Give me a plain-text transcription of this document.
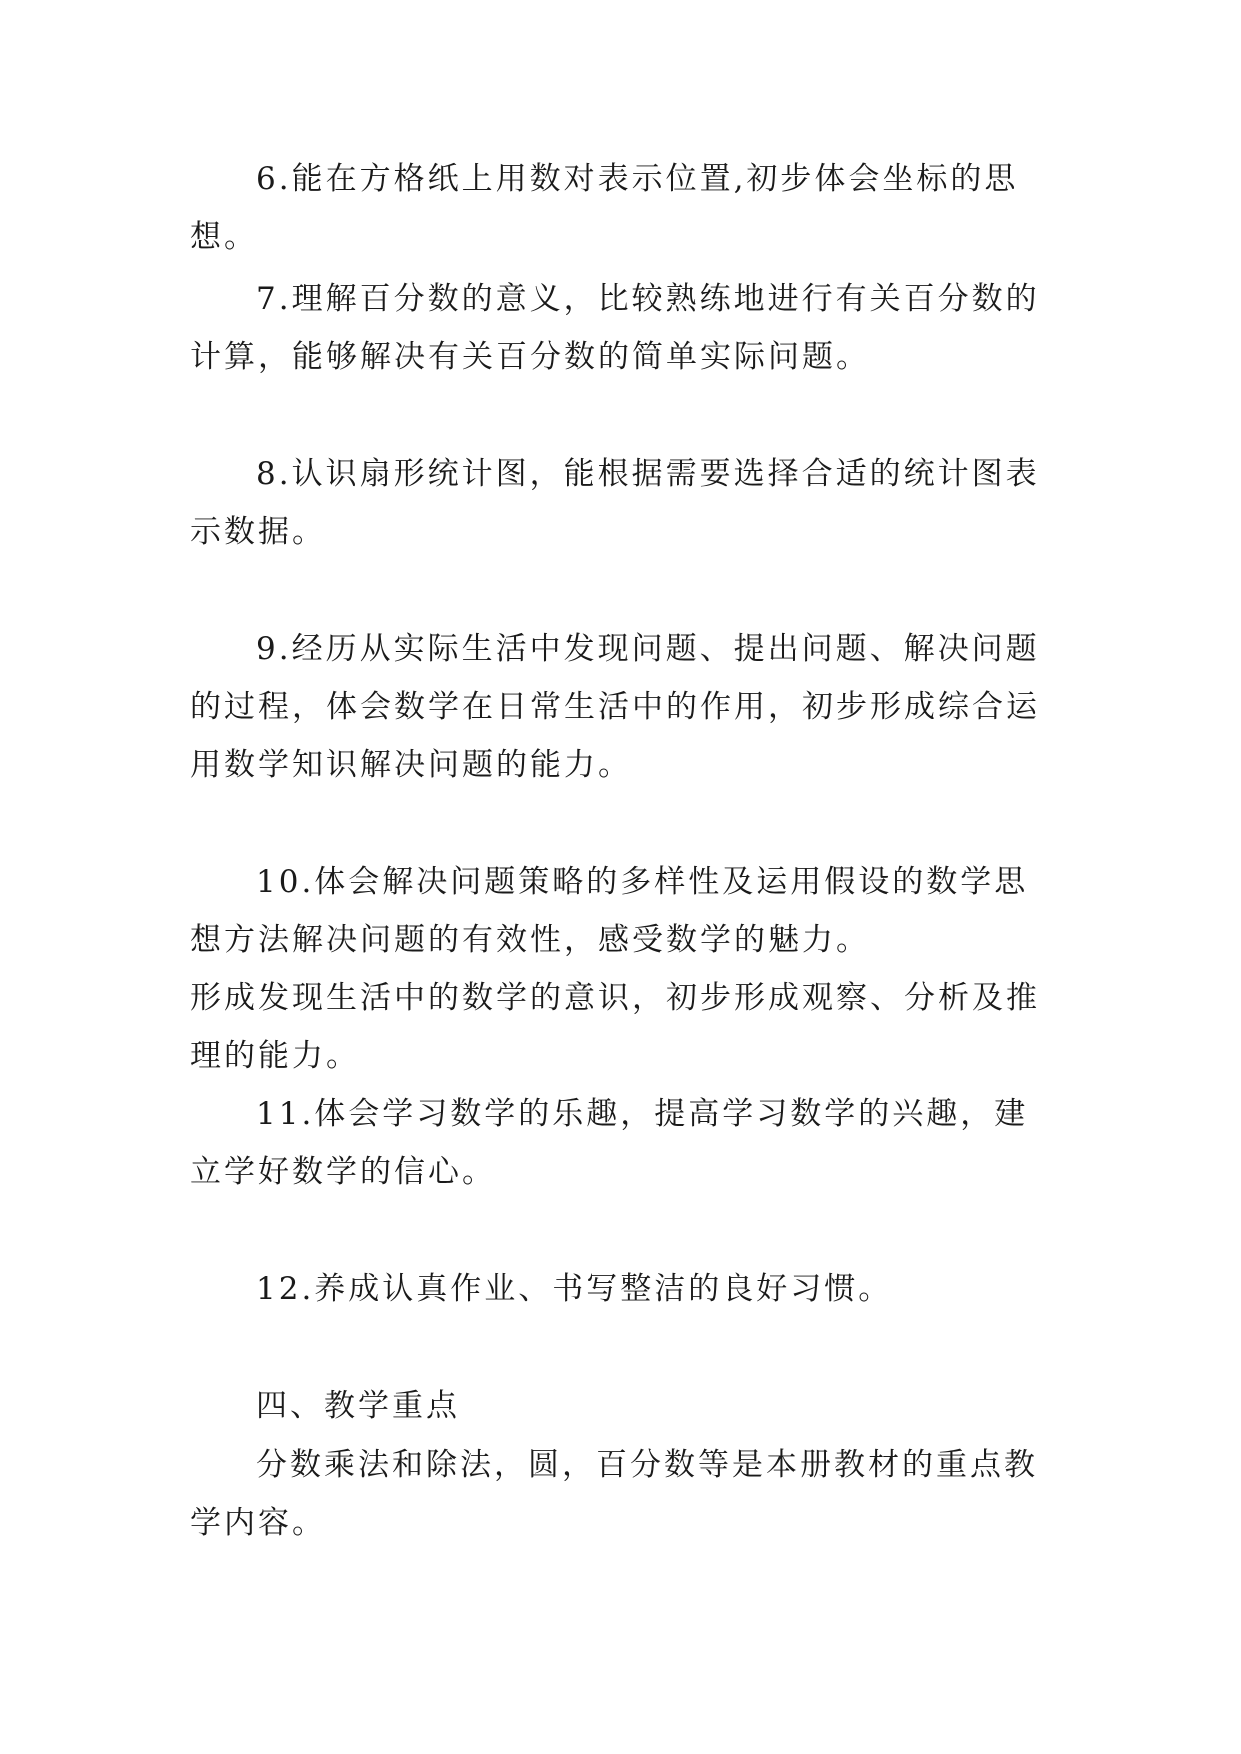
6.能在方格纸上用数对表示位置,初步体会坐标的思想。

7.理解百分数的意义，比较熟练地进行有关百分数的计算，能够解决有关百分数的简单实际问题。

8.认识扇形统计图，能根据需要选择合适的统计图表示数据。

9.经历从实际生活中发现问题、提出问题、解决问题的过程，体会数学在日常生活中的作用，初步形成综合运用数学知识解决问题的能力。

10.体会解决问题策略的多样性及运用假设的数学思想方法解决问题的有效性，感受数学的魅力。

形成发现生活中的数学的意识，初步形成观察、分析及推理的能力。

11.体会学习数学的乐趣，提高学习数学的兴趣，建立学好数学的信心。

12.养成认真作业、书写整洁的良好习惯。

四、教学重点

分数乘法和除法，圆，百分数等是本册教材的重点教学内容。
